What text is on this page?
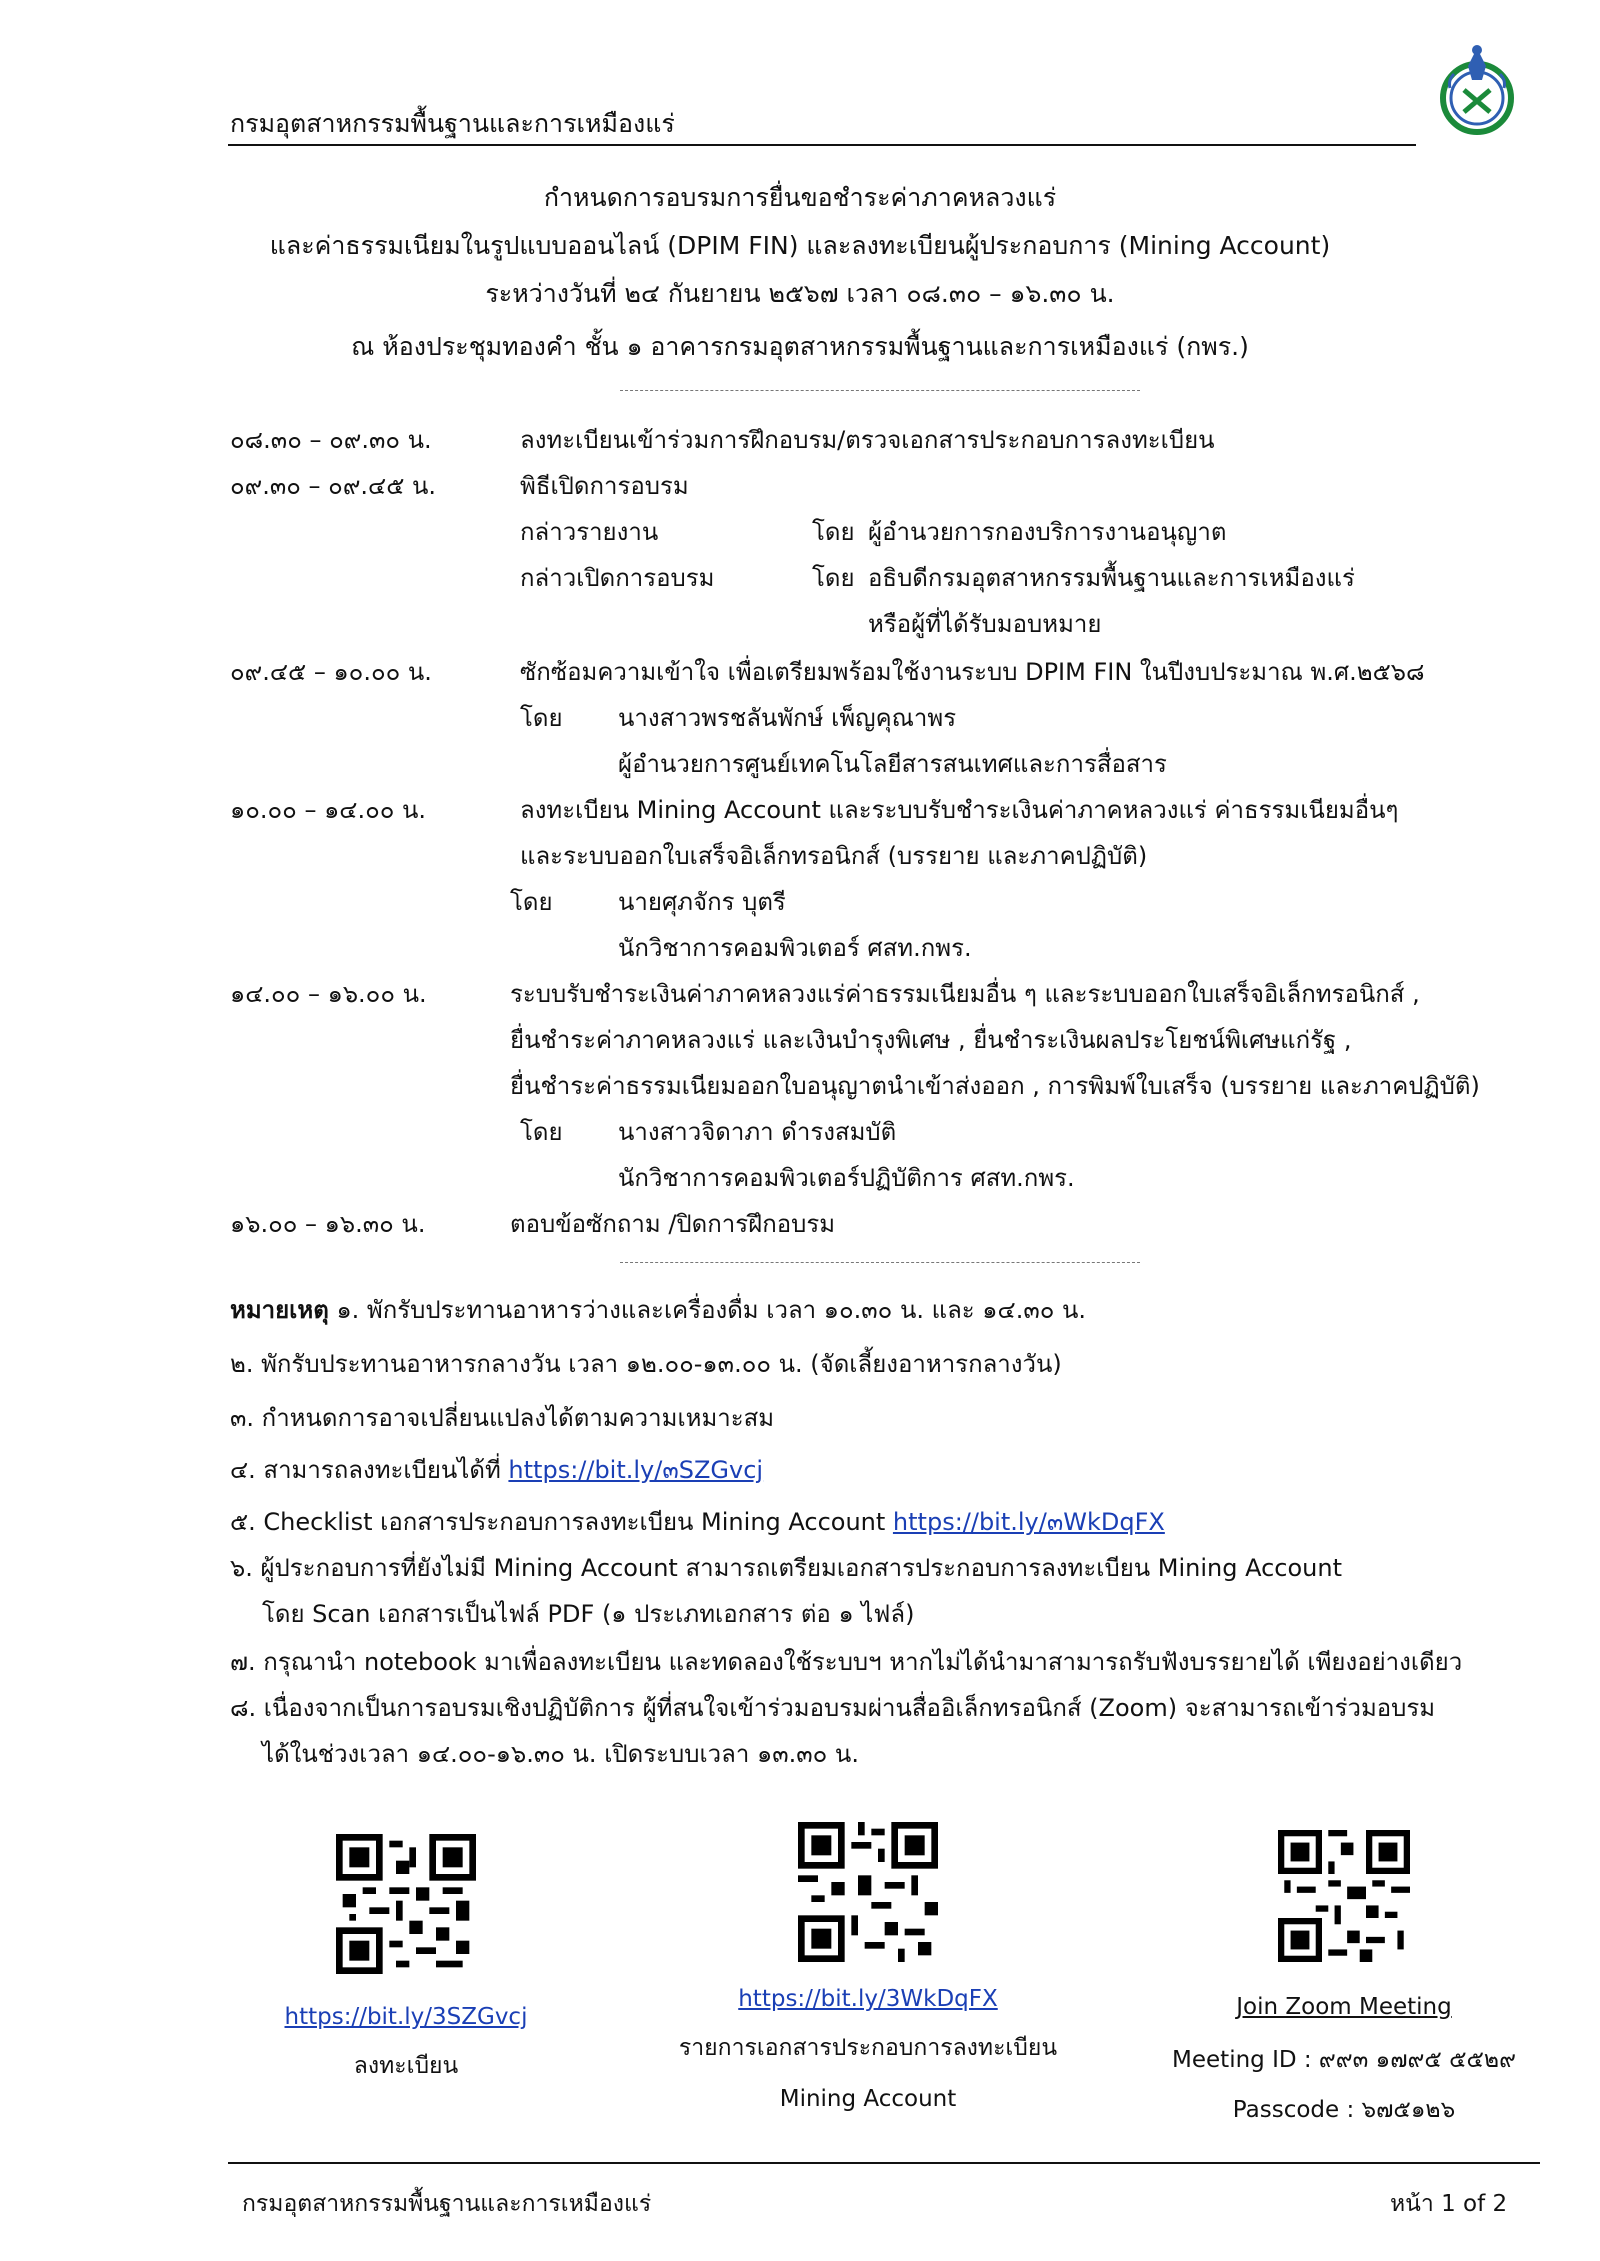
กรมอุตสาหกรรมพื้นฐานและการเหมืองแร่
กำหนดการอบรมการยื่นขอชำระค่าภาคหลวงแร่
และค่าธรรมเนียมในรูปแบบออนไลน์ (DPIM FIN) และลงทะเบียนผู้ประกอบการ (Mining Account)
ระหว่างวันที่ ๒๔ กันยายน ๒๕๖๗ เวลา ๐๘.๓๐ – ๑๖.๓๐ น.
ณ ห้องประชุมทองคำ ชั้น ๑ อาคารกรมอุตสาหกรรมพื้นฐานและการเหมืองแร่ (กพร.)
๐๘.๓๐ – ๐๙.๓๐ น.	ลงทะเบียนเข้าร่วมการฝึกอบรม/ตรวจเอกสารประกอบการลงทะเบียน
๐๙.๓๐ – ๐๙.๔๕ น.	พิธีเปิดการอบรม
กล่าวรายงาน	โดย ผู้อำนวยการกองบริการงานอนุญาต
กล่าวเปิดการอบรม	โดย อธิบดีกรมอุตสาหกรรมพื้นฐานและการเหมืองแร่
หรือผู้ที่ได้รับมอบหมาย
๐๙.๔๕ – ๑๐.๐๐ น.	ซักซ้อมความเข้าใจ เพื่อเตรียมพร้อมใช้งานระบบ DPIM FIN ในปีงบประมาณ พ.ศ.๒๕๖๘
โดย นางสาวพรชลันพักษ์ เพ็ญคุณาพร
ผู้อำนวยการศูนย์เทคโนโลยีสารสนเทศและการสื่อสาร
๑๐.๐๐ – ๑๔.๐๐ น.	ลงทะเบียน Mining Account และระบบรับชำระเงินค่าภาคหลวงแร่ ค่าธรรมเนียมอื่นๆ
และระบบออกใบเสร็จอิเล็กทรอนิกส์ (บรรยาย และภาคปฏิบัติ)
โดย	นายศุภจักร บุตรี
นักวิชาการคอมพิวเตอร์ ศสท.กพร.
๑๔.๐๐ – ๑๖.๐๐ น.	ระบบรับชำระเงินค่าภาคหลวงแร่ค่าธรรมเนียมอื่น ๆ และระบบออกใบเสร็จอิเล็กทรอนิกส์ ,
ยื่นชำระค่าภาคหลวงแร่ และเงินบำรุงพิเศษ , ยื่นชำระเงินผลประโยชน์พิเศษแก่รัฐ ,
ยื่นชำระค่าธรรมเนียมออกใบอนุญาตนำเข้าส่งออก , การพิมพ์ใบเสร็จ (บรรยาย และภาคปฏิบัติ)
โดย นางสาวจิดาภา ดำรงสมบัติ
นักวิชาการคอมพิวเตอร์ปฏิบัติการ ศสท.กพร.
๑๖.๐๐ – ๑๖.๓๐ น.	ตอบข้อซักถาม /ปิดการฝึกอบรม
หมายเหตุ ๑. พักรับประทานอาหารว่างและเครื่องดื่ม เวลา ๑๐.๓๐ น. และ ๑๔.๓๐ น.
๒. พักรับประทานอาหารกลางวัน เวลา ๑๒.๐๐-๑๓.๐๐ น. (จัดเลี้ยงอาหารกลางวัน)
๓. กำหนดการอาจเปลี่ยนแปลงได้ตามความเหมาะสม
๔. สามารถลงทะเบียนได้ที่ https://bit.ly/๓SZGvcj
๕. Checklist เอกสารประกอบการลงทะเบียน Mining Account https://bit.ly/๓WkDqFX
๖. ผู้ประกอบการที่ยังไม่มี Mining Account สามารถเตรียมเอกสารประกอบการลงทะเบียน Mining Account
โดย Scan เอกสารเป็นไฟล์ PDF (๑ ประเภทเอกสาร ต่อ ๑ ไฟล์)
๗. กรุณานำ notebook มาเพื่อลงทะเบียน และทดลองใช้ระบบฯ หากไม่ได้นำมาสามารถรับฟังบรรยายได้ เพียงอย่างเดียว
๘. เนื่องจากเป็นการอบรมเชิงปฏิบัติการ ผู้ที่สนใจเข้าร่วมอบรมผ่านสื่ออิเล็กทรอนิกส์ (Zoom) จะสามารถเข้าร่วมอบรม
ได้ในช่วงเวลา ๑๔.๐๐-๑๖.๓๐ น. เปิดระบบเวลา ๑๓.๓๐ น.
https://bit.ly/3SZGvcj
ลงทะเบียน
https://bit.ly/3WkDqFX
รายการเอกสารประกอบการลงทะเบียน
Mining Account
Join Zoom Meeting
Meeting ID : ๙๙๓ ๑๗๙๕ ๕๕๒๙
Passcode : ๖๗๕๑๒๖
กรมอุตสาหกรรมพื้นฐานและการเหมืองแร่	หน้า 1 of 2
